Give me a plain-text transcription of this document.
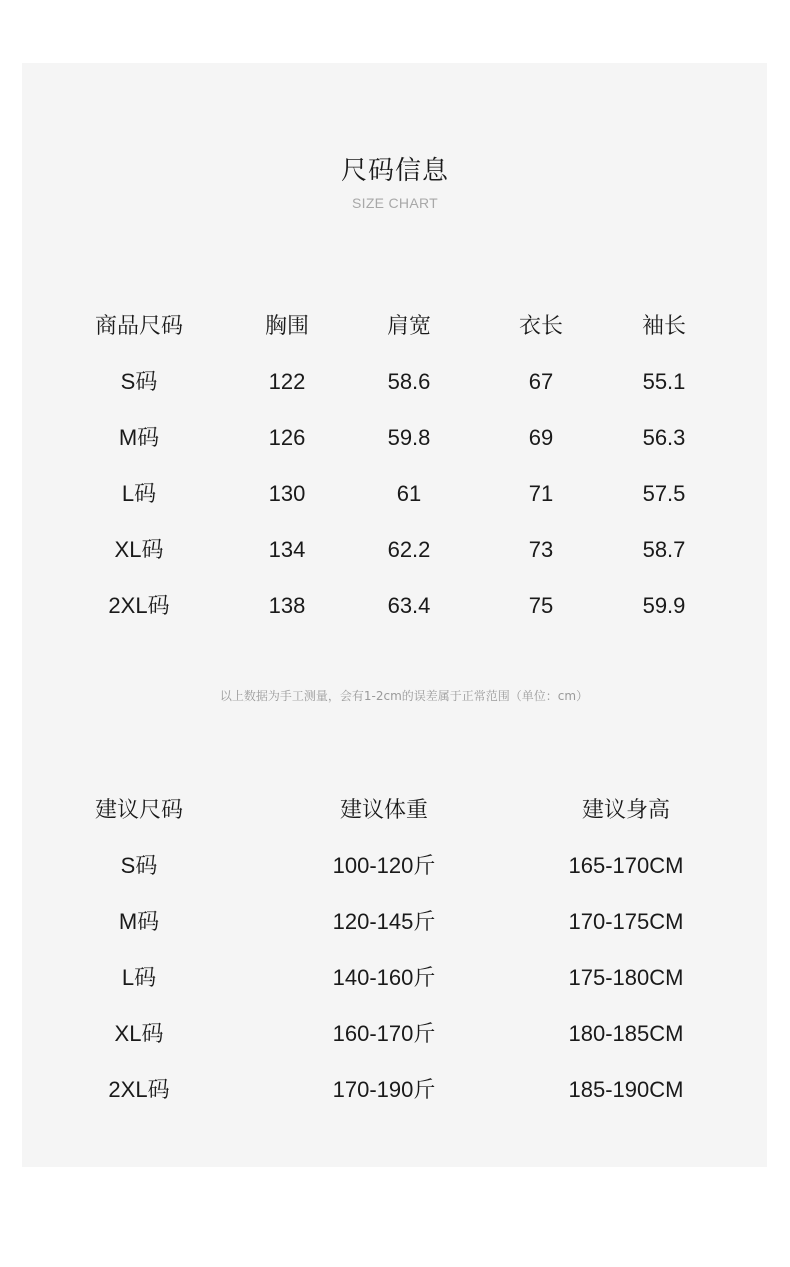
尺码信息
SIZE CHART
商品尺码	胸围	肩宽	衣长	袖长
S码	122	58.6	67	55.1
M码	126	59.8	69	56.3
L码	130	61	71	57.5
XL码	134	62.2	73	58.7
2XL码	138	63.4	75	59.9
以上数据为手工测量，会有1-2cm的误差属于正常范围（单位：cm）
建议尺码	建议体重	建议身高
S码	100-120斤	165-170CM
M码	120-145斤	170-175CM
L码	140-160斤	175-180CM
XL码	160-170斤	180-185CM
2XL码	170-190斤	185-190CM
